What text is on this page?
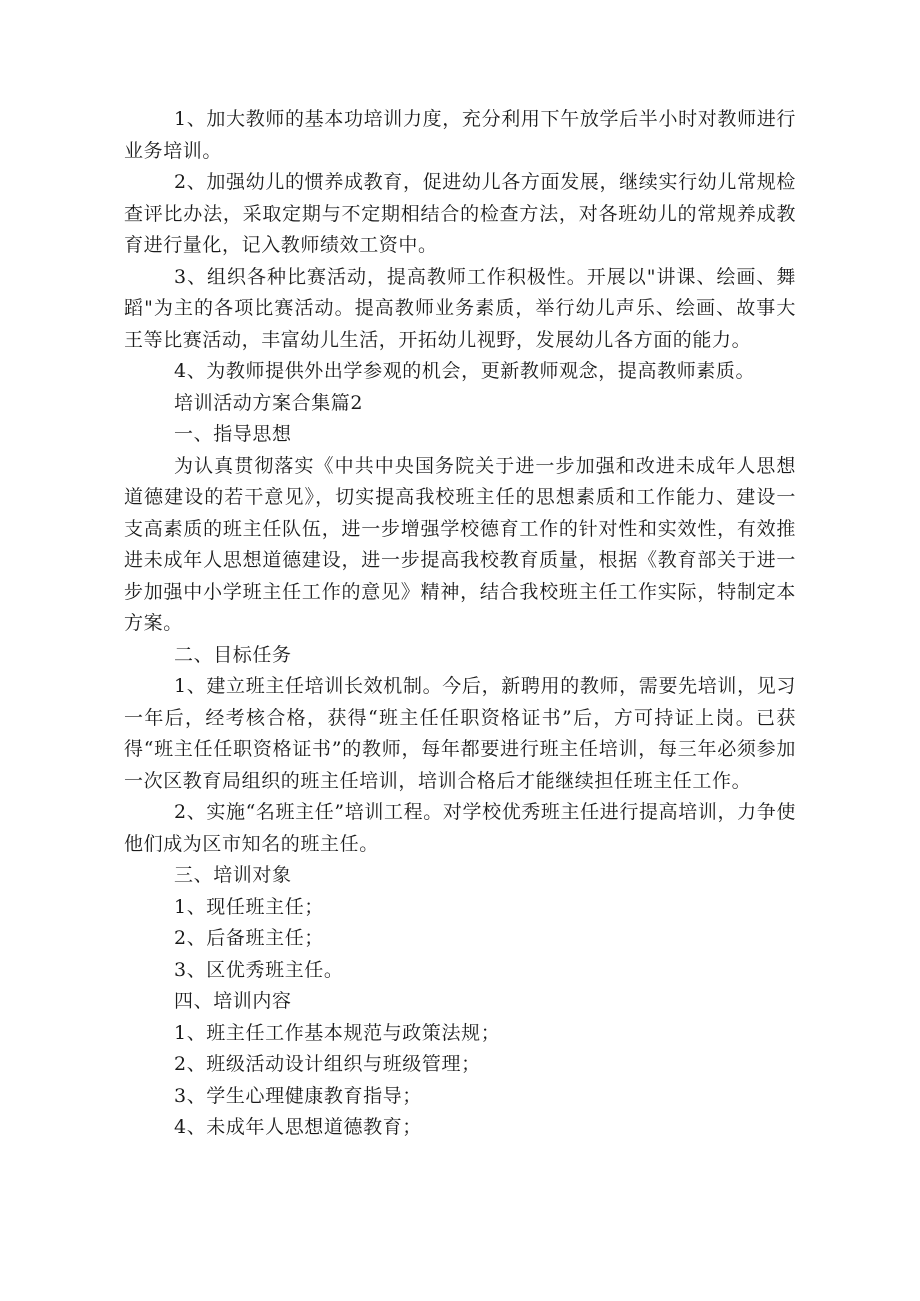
1、加大教师的基本功培训力度，充分利用下午放学后半小时对教师进行业务培训。

2、加强幼儿的惯养成教育，促进幼儿各方面发展，继续实行幼儿常规检查评比办法，采取定期与不定期相结合的检查方法，对各班幼儿的常规养成教育进行量化，记入教师绩效工资中。

3、组织各种比赛活动，提高教师工作积极性。开展以"讲课、绘画、舞蹈"为主的各项比赛活动。提高教师业务素质，举行幼儿声乐、绘画、故事大王等比赛活动，丰富幼儿生活，开拓幼儿视野，发展幼儿各方面的能力。

4、为教师提供外出学参观的机会，更新教师观念，提高教师素质。

培训活动方案合集篇2

一、指导思想

为认真贯彻落实《中共中央国务院关于进一步加强和改进未成年人思想道德建设的若干意见》，切实提高我校班主任的思想素质和工作能力、建设一支高素质的班主任队伍，进一步增强学校德育工作的针对性和实效性，有效推进未成年人思想道德建设，进一步提高我校教育质量，根据《教育部关于进一步加强中小学班主任工作的意见》精神，结合我校班主任工作实际，特制定本方案。

二、目标任务

1、建立班主任培训长效机制。今后，新聘用的教师，需要先培训，见习一年后，经考核合格，获得“班主任任职资格证书”后，方可持证上岗。已获得“班主任任职资格证书”的教师，每年都要进行班主任培训，每三年必须参加一次区教育局组织的班主任培训，培训合格后才能继续担任班主任工作。

2、实施“名班主任”培训工程。对学校优秀班主任进行提高培训，力争使他们成为区市知名的班主任。

三、培训对象

1、现任班主任；

2、后备班主任；

3、区优秀班主任。

四、培训内容

1、班主任工作基本规范与政策法规；

2、班级活动设计组织与班级管理；

3、学生心理健康教育指导；

4、未成年人思想道德教育；
